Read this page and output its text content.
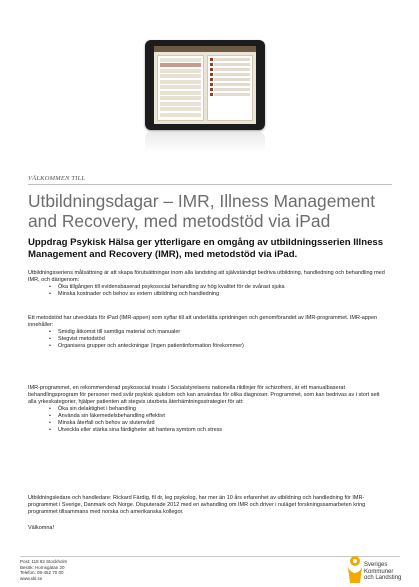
VÄLKOMMEN TILL
Utbildningsdagar – IMR, Illness Management and Recovery, med metodstöd via iPad

Uppdrag Psykisk Hälsa ger ytterligare en omgång av utbildningsserien Illness Management and Recovery (IMR), med metodstöd via iPad.

Utbildningsseriens målsättning är att skapa förutsättningar inom alla landsting att självständigt bedriva utbildning, handledning och behandling med IMR, och därigenom:

• Öka tillgången till evidensbaserad psykosocial behandling av hög kvalitet för de svårast sjuka
• Minska kostnader och behov av extern utbildning och handledning

Ett metodstöd har utvecklats för iPad (IMR-appen) som syftar till att underlätta spridningen och genomförandet av IMR-programmet. IMR-appen innehåller:

• Smidig åtkomst till samtliga material och manualer
• Stegvist metodstöd
• Organisera grupper och anteckningar (ingen patientinformation förekommer)

IMR-programmet, en rekommenderad psykosocial insats i Socialstyrelsens nationella riktlinjer för schizofreni, är ett manualbaserat behandlingsprogram för personer med svår psykisk sjukdom och kan användas för olika diagnoser. Programmet, som kan bedrivas av i stort sett alla yrkeskategorier, hjälper patienten att stegvis utarbeta återhämtningsstrategier för att:

• Öka sin delaktighet i behandling
• Använda sin läkemedelsbehandling effektivt
• Minska återfall och behov av slutenvård
• Utveckla eller stärka sina färdigheter att hantera symtom och stress

Utbildningsledare och handledare: Rickard Färdig, fil dr, leg psykolog, har mer än 10 års erfarenhet av utbildning och handledning för IMR-programmet i Sverige, Danmark och Norge. Disputerade 2012 med en avhandling om IMR och driver i nuläget forskningssamarbeten kring programmet tillsammans med norska och amerikanska kollegor.

Välkomna!

Post: 118 82 Stockholm
Besök: Hornsgatan 20
Telefon: 08-452 70 00
www.skl.se
Sveriges
Kommuner
och Landsting
